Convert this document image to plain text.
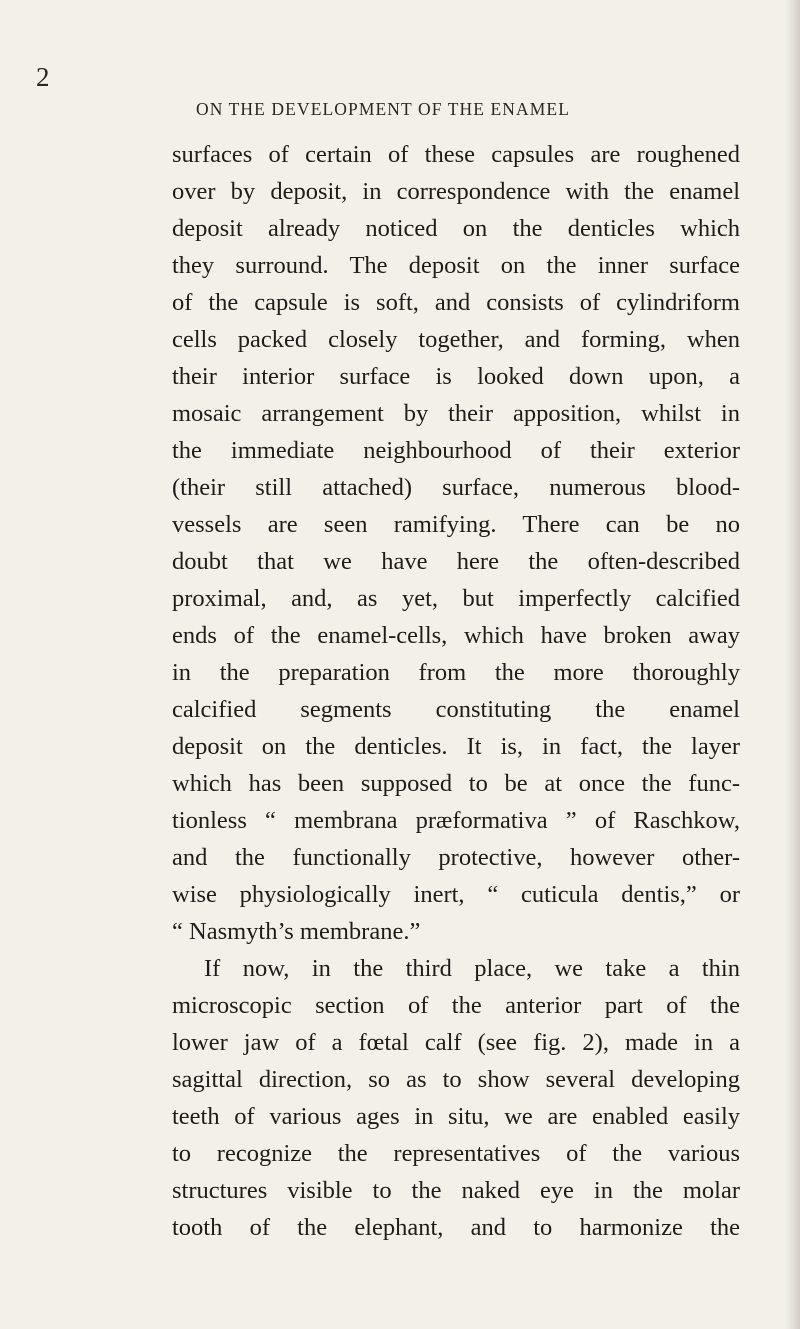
2
ON THE DEVELOPMENT OF THE ENAMEL
surfaces of certain of these capsules are roughened
over by deposit, in correspondence with the enamel
deposit already noticed on the denticles which
they surround. The deposit on the inner surface
of the capsule is soft, and consists of cylindriform
cells packed closely together, and forming, when
their interior surface is looked down upon, a
mosaic arrangement by their apposition, whilst in
the immediate neighbourhood of their exterior
(their still attached) surface, numerous blood-
vessels are seen ramifying. There can be no
doubt that we have here the often-described
proximal, and, as yet, but imperfectly calcified
ends of the enamel-cells, which have broken away
in the preparation from the more thoroughly
calcified segments constituting the enamel
deposit on the denticles. It is, in fact, the layer
which has been supposed to be at once the func-
tionless “ membrana præformativa ” of Raschkow,
and the functionally protective, however other-
wise physiologically inert, “ cuticula dentis,” or
“ Nasmyth’s membrane.”
If now, in the third place, we take a thin
microscopic section of the anterior part of the
lower jaw of a fœtal calf (see fig. 2), made in a
sagittal direction, so as to show several developing
teeth of various ages in situ, we are enabled easily
to recognize the representatives of the various
structures visible to the naked eye in the molar
tooth of the elephant, and to harmonize the
